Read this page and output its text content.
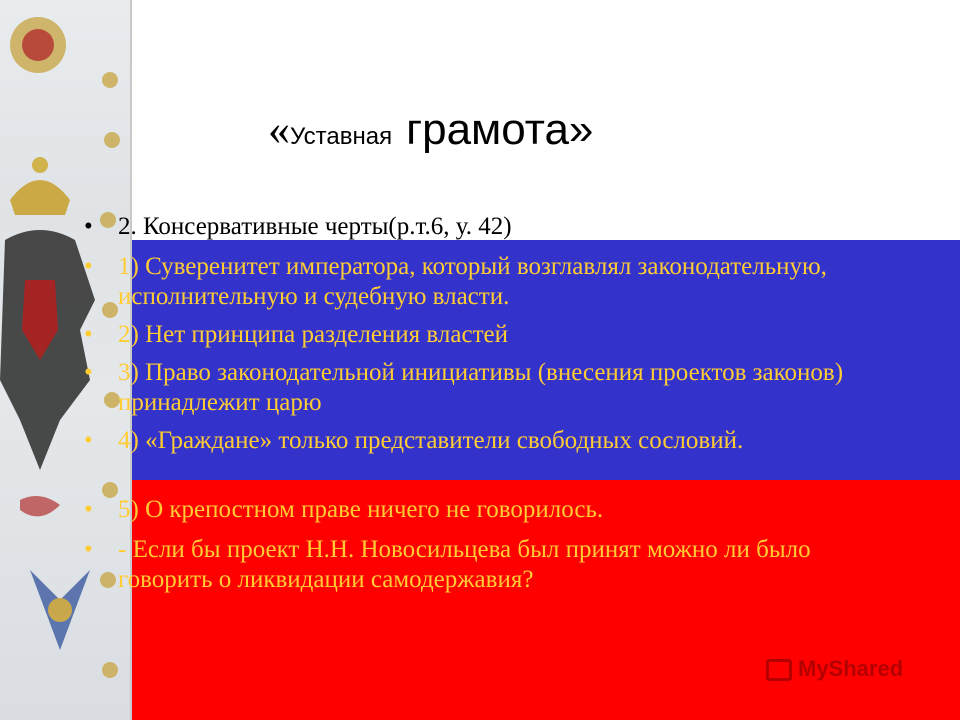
«Уставная грамота»
•	2. Консервативные черты(р.т.6, у. 42)
•	1) Суверенитет императора, который возглавлял законодательную, исполнительную и судебную власти.
•	2) Нет принципа разделения властей
•	3) Право законодательной инициативы (внесения проектов законов) принадлежит царю
•	4) «Граждане» только представители свободных сословий.
•	5) О крепостном праве ничего не говорилось.
•	- Если бы проект Н.Н. Новосильцева был принят можно ли было говорить о ликвидации самодержавия?
MyShared
